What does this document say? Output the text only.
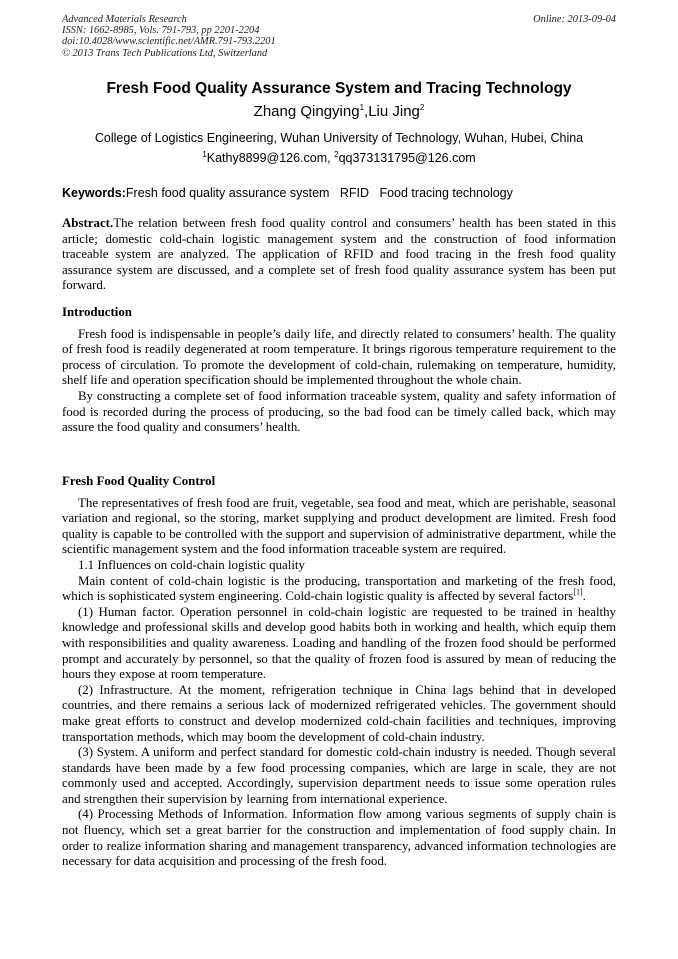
Advanced Materials Research
ISSN: 1662-8985, Vols. 791-793, pp 2201-2204
doi:10.4028/www.scientific.net/AMR.791-793.2201
© 2013 Trans Tech Publications Ltd, Switzerland
Online: 2013-09-04
Fresh Food Quality Assurance System and Tracing Technology
Zhang Qingying$^1$,Liu Jing$^2$
College of Logistics Engineering, Wuhan University of Technology, Wuhan, Hubei, China
$^1$Kathy8899@126.com, $^2$qq373131795@126.com
Keywords:Fresh food quality assurance system   RFID   Food tracing technology

Abstract.The relation between fresh food quality control and consumers’ health has been stated in this article; domestic cold-chain logistic management system and the construction of food information traceable system are analyzed. The application of RFID and food tracing in the fresh food quality assurance system are discussed, and a complete set of fresh food quality assurance system has been put forward.

Introduction

Fresh food is indispensable in people’s daily life, and directly related to consumers’ health. The quality of fresh food is readily degenerated at room temperature. It brings rigorous temperature requirement to the process of circulation. To promote the development of cold-chain, rulemaking on temperature, humidity, shelf life and operation specification should be implemented throughout the whole chain.

By constructing a complete set of food information traceable system, quality and safety information of food is recorded during the process of producing, so the bad food can be timely called back, which may assure the food quality and consumers’ health.

Fresh Food Quality Control

The representatives of fresh food are fruit, vegetable, sea food and meat, which are perishable, seasonal variation and regional, so the storing, market supplying and product development are limited. Fresh food quality is capable to be controlled with the support and supervision of administrative department, while the scientific management system and the food information traceable system are required.

1.1 Influences on cold-chain logistic quality

Main content of cold-chain logistic is the producing, transportation and marketing of the fresh food, which is sophisticated system engineering. Cold-chain logistic quality is affected by several factors[1].

(1) Human factor. Operation personnel in cold-chain logistic are requested to be trained in healthy knowledge and professional skills and develop good habits both in working and health, which equip them with responsibilities and quality awareness. Loading and handling of the frozen food should be performed prompt and accurately by personnel, so that the quality of frozen food is assured by mean of reducing the hours they expose at room temperature.

(2) Infrastructure. At the moment, refrigeration technique in China lags behind that in developed countries, and there remains a serious lack of modernized refrigerated vehicles. The government should make great efforts to construct and develop modernized cold-chain facilities and techniques, improving transportation methods, which may boom the development of cold-chain industry.

(3) System. A uniform and perfect standard for domestic cold-chain industry is needed. Though several standards have been made by a few food processing companies, which are large in scale, they are not commonly used and accepted. Accordingly, supervision department needs to issue some operation rules and strengthen their supervision by learning from international experience.

(4) Processing Methods of Information. Information flow among various segments of supply chain is not fluency, which set a great barrier for the construction and implementation of food supply chain. In order to realize information sharing and management transparency, advanced information technologies are necessary for data acquisition and processing of the fresh food.
